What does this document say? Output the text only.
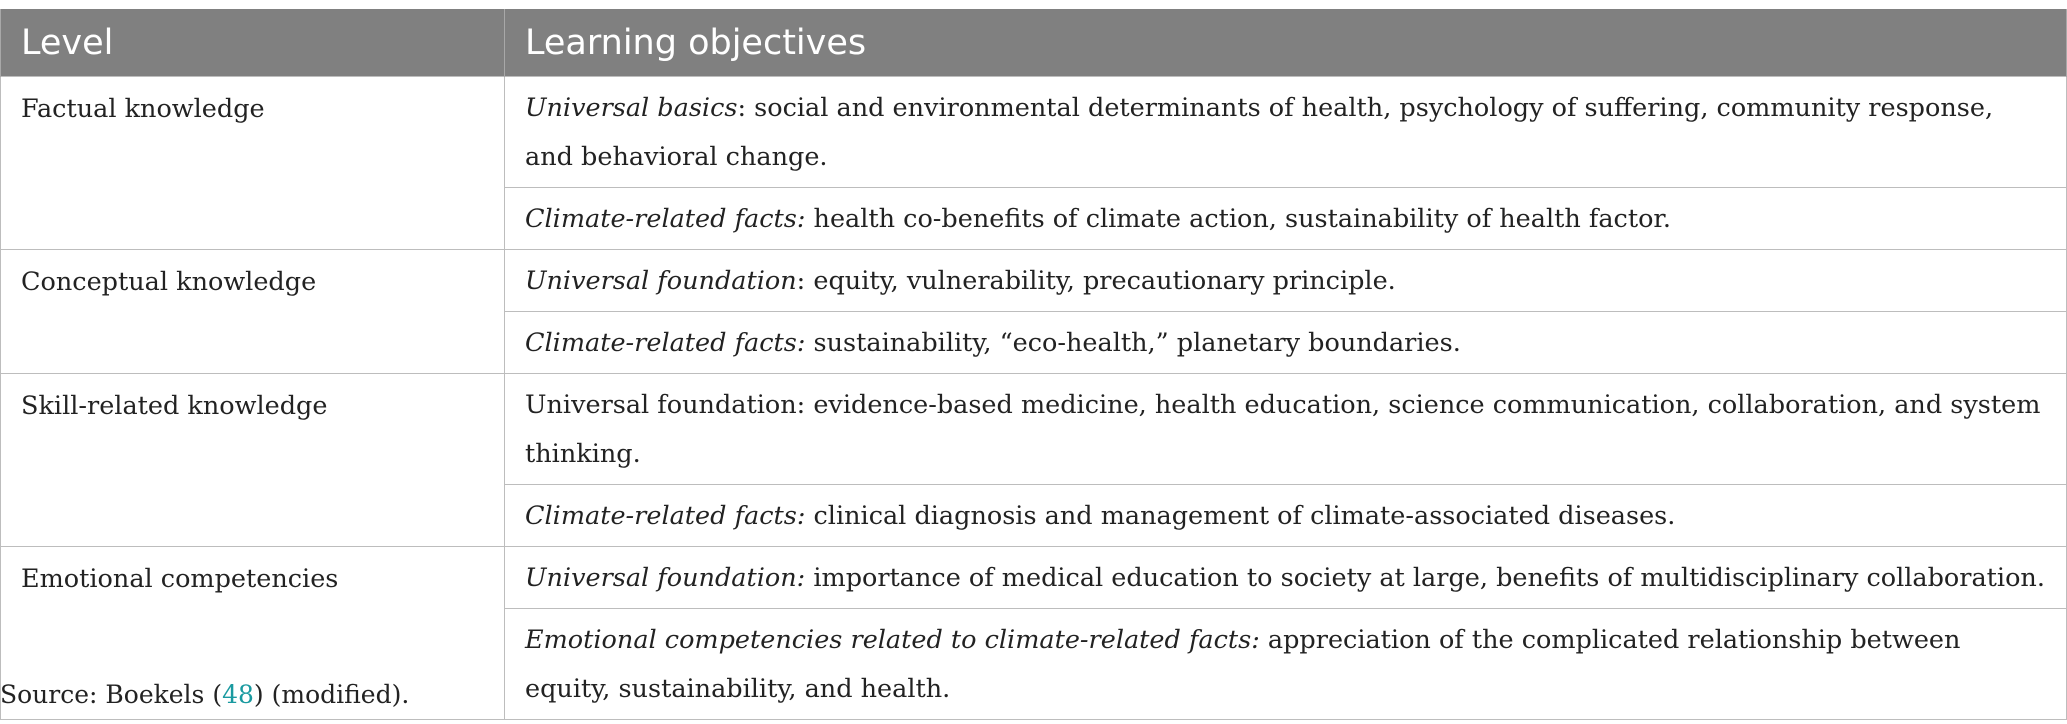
Level	Learning objectives
Factual knowledge	Universal basics: social and environmental determinants of health, psychology of suffering, community response, and behavioral change.
	Climate-related facts: health co-benefits of climate action, sustainability of health factor.
Conceptual knowledge	Universal foundation: equity, vulnerability, precautionary principle.
	Climate-related facts: sustainability, “eco-health,” planetary boundaries.
Skill-related knowledge	Universal foundation: evidence-based medicine, health education, science communication, collaboration, and system thinking.
	Climate-related facts: clinical diagnosis and management of climate-associated diseases.
Emotional competencies	Universal foundation: importance of medical education to society at large, benefits of multidisciplinary collaboration.
	Emotional competencies related to climate-related facts: appreciation of the complicated relationship between equity, sustainability, and health.
Source: Boekels (48) (modified).
